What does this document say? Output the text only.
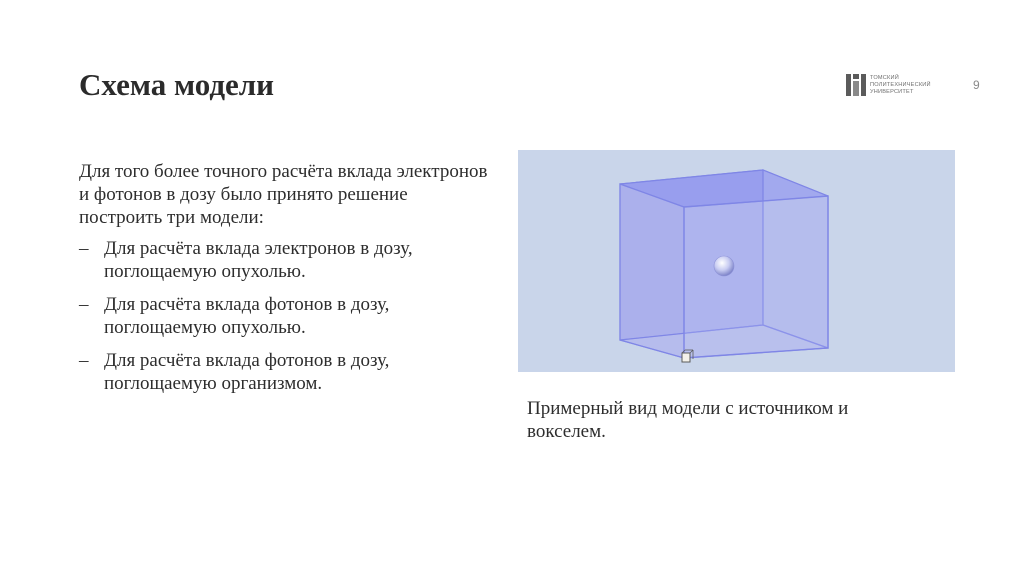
Схема модели	ТОМСКИЙ
ПОЛИТЕХНИЧЕСКИЙ
УНИВЕРСИТЕТ	9

Для того более точного расчёта вклада электронов и фотонов в дозу было принято решение построить три модели:

– Для расчёта вклада электронов в дозу, поглощаемую опухолью.
– Для расчёта вклада фотонов в дозу, поглощаемую опухолью.
– Для расчёта вклада фотонов в дозу, поглощаемую организмом.
Примерный вид модели с источником и вокселем.
